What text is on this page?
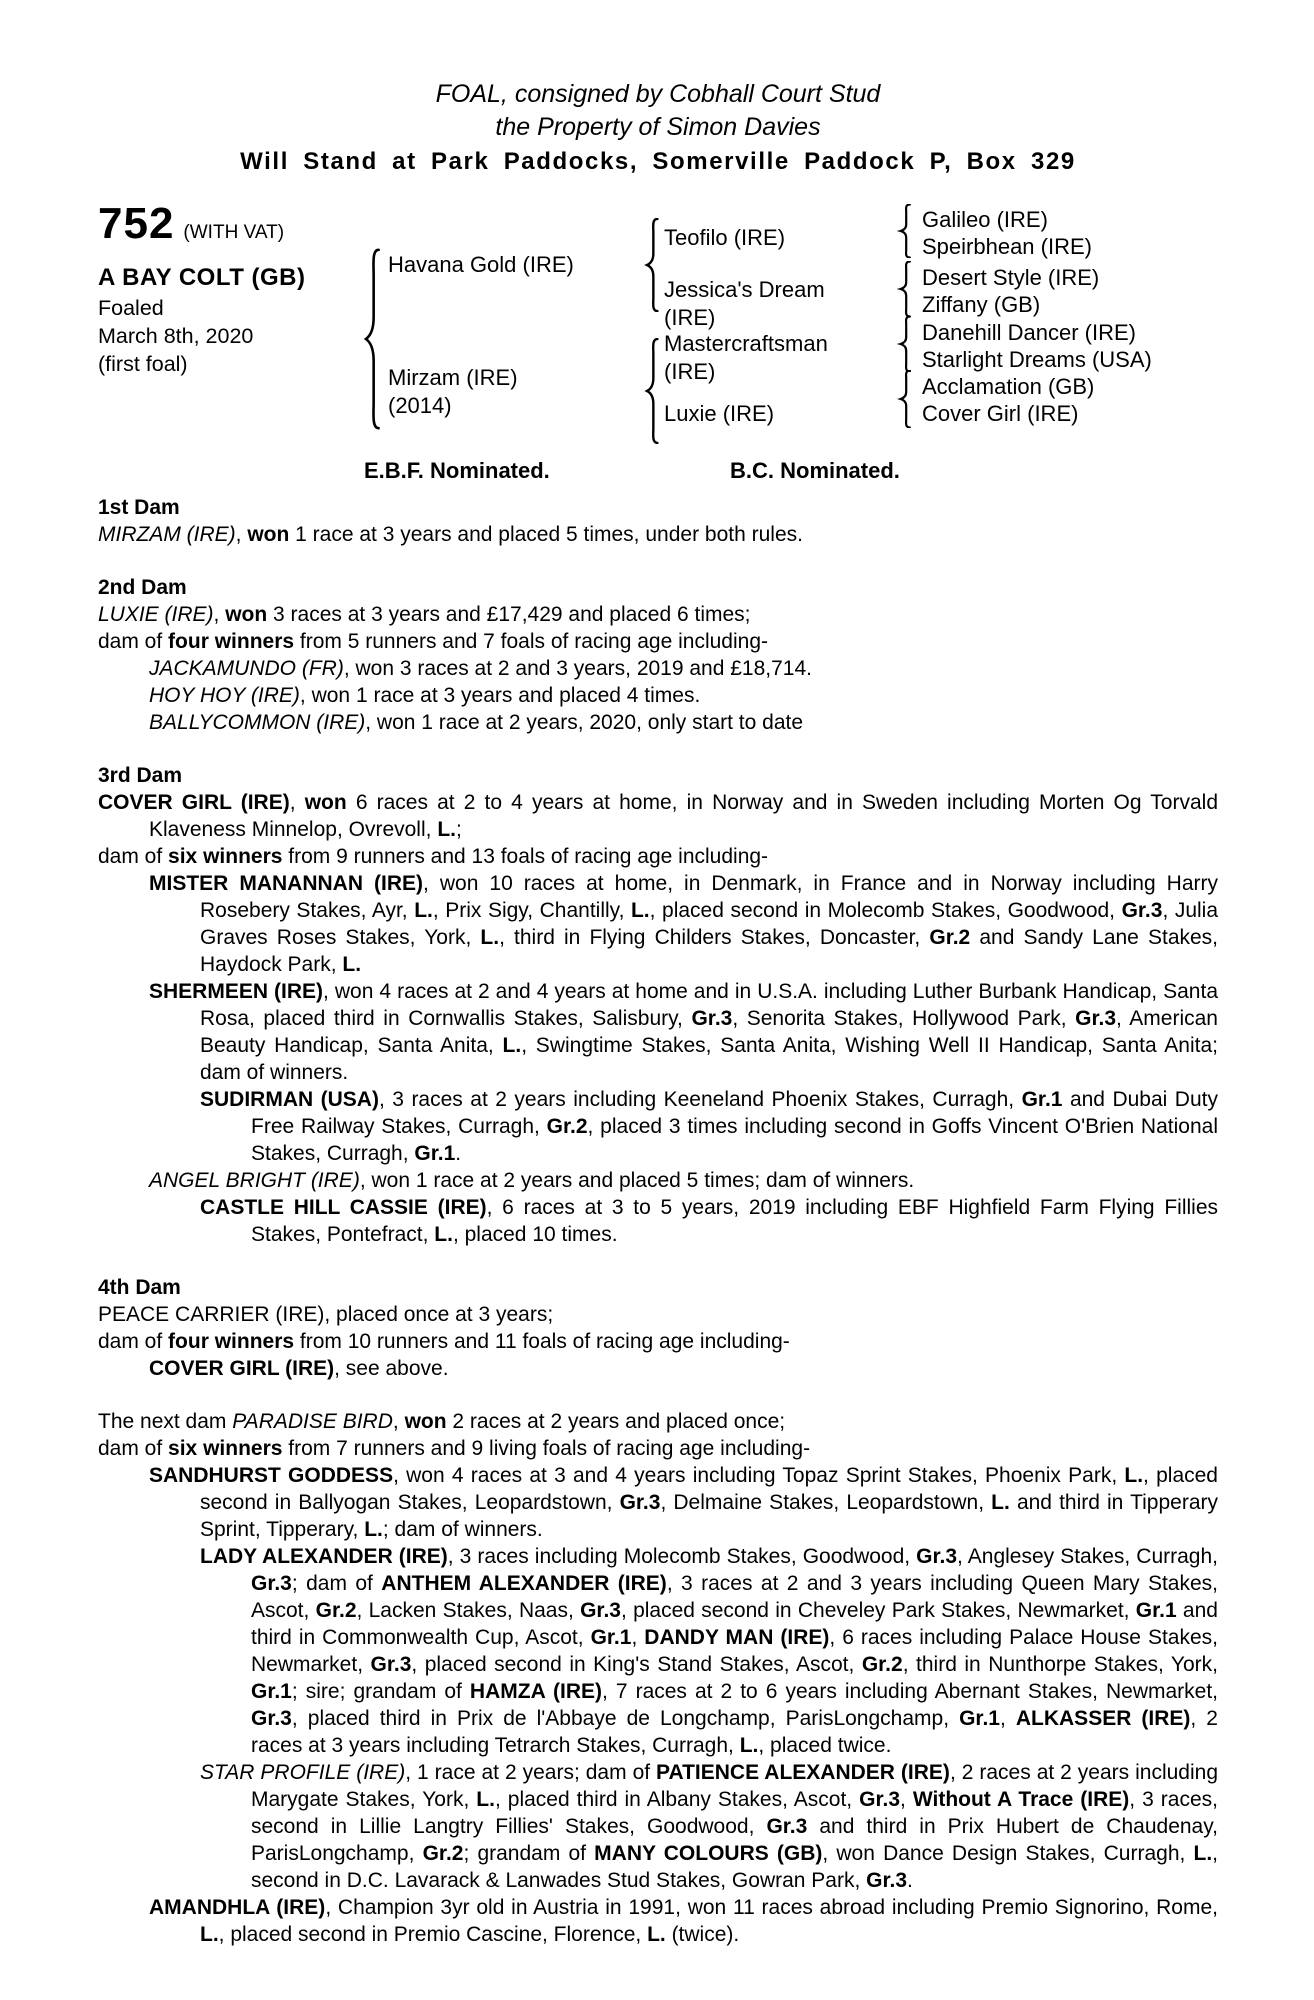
FOAL, consigned by Cobhall Court Stud
the Property of Simon Davies
Will Stand at Park Paddocks, Somerville Paddock P, Box 329
752 (WITH VAT)
A BAY COLT (GB)
Foaled
March 8th, 2020
(first foal)
Havana Gold (IRE)
Mirzam (IRE)
(2014)
Teofilo (IRE)
Jessica's Dream (IRE)
Mastercraftsman (IRE)
Luxie (IRE)
Galileo (IRE)
Speirbhean (IRE)
Desert Style (IRE)
Ziffany (GB)
Danehill Dancer (IRE)
Starlight Dreams (USA)
Acclamation (GB)
Cover Girl (IRE)
E.B.F. Nominated.	B.C. Nominated.
1st Dam

MIRZAM (IRE), won 1 race at 3 years and placed 5 times, under both rules.

2nd Dam

LUXIE (IRE), won 3 races at 3 years and £17,429 and placed 6 times;

dam of four winners from 5 runners and 7 foals of racing age including-

JACKAMUNDO (FR), won 3 races at 2 and 3 years, 2019 and £18,714.

HOY HOY (IRE), won 1 race at 3 years and placed 4 times.

BALLYCOMMON (IRE), won 1 race at 2 years, 2020, only start to date

3rd Dam

COVER GIRL (IRE), won 6 races at 2 to 4 years at home, in Norway and in Sweden including Morten Og Torvald Klaveness Minnelop, Ovrevoll, L.;

dam of six winners from 9 runners and 13 foals of racing age including-

MISTER MANANNAN (IRE), won 10 races at home, in Denmark, in France and in Norway including Harry Rosebery Stakes, Ayr, L., Prix Sigy, Chantilly, L., placed second in Molecomb Stakes, Goodwood, Gr.3, Julia Graves Roses Stakes, York, L., third in Flying Childers Stakes, Doncaster, Gr.2 and Sandy Lane Stakes, Haydock Park, L.

SHERMEEN (IRE), won 4 races at 2 and 4 years at home and in U.S.A. including Luther Burbank Handicap, Santa Rosa, placed third in Cornwallis Stakes, Salisbury, Gr.3, Senorita Stakes, Hollywood Park, Gr.3, American Beauty Handicap, Santa Anita, L., Swingtime Stakes, Santa Anita, Wishing Well II Handicap, Santa Anita; dam of winners.

SUDIRMAN (USA), 3 races at 2 years including Keeneland Phoenix Stakes, Curragh, Gr.1 and Dubai Duty Free Railway Stakes, Curragh, Gr.2, placed 3 times including second in Goffs Vincent O'Brien National Stakes, Curragh, Gr.1.

ANGEL BRIGHT (IRE), won 1 race at 2 years and placed 5 times; dam of winners.

CASTLE HILL CASSIE (IRE), 6 races at 3 to 5 years, 2019 including EBF Highfield Farm Flying Fillies Stakes, Pontefract, L., placed 10 times.

4th Dam

PEACE CARRIER (IRE), placed once at 3 years;

dam of four winners from 10 runners and 11 foals of racing age including-

COVER GIRL (IRE), see above.

The next dam PARADISE BIRD, won 2 races at 2 years and placed once;

dam of six winners from 7 runners and 9 living foals of racing age including-

SANDHURST GODDESS, won 4 races at 3 and 4 years including Topaz Sprint Stakes, Phoenix Park, L., placed second in Ballyogan Stakes, Leopardstown, Gr.3, Delmaine Stakes, Leopardstown, L. and third in Tipperary Sprint, Tipperary, L.; dam of winners.

LADY ALEXANDER (IRE), 3 races including Molecomb Stakes, Goodwood, Gr.3, Anglesey Stakes, Curragh, Gr.3; dam of ANTHEM ALEXANDER (IRE), 3 races at 2 and 3 years including Queen Mary Stakes, Ascot, Gr.2, Lacken Stakes, Naas, Gr.3, placed second in Cheveley Park Stakes, Newmarket, Gr.1 and third in Commonwealth Cup, Ascot, Gr.1, DANDY MAN (IRE), 6 races including Palace House Stakes, Newmarket, Gr.3, placed second in King's Stand Stakes, Ascot, Gr.2, third in Nunthorpe Stakes, York, Gr.1; sire; grandam of HAMZA (IRE), 7 races at 2 to 6 years including Abernant Stakes, Newmarket, Gr.3, placed third in Prix de l'Abbaye de Longchamp, ParisLongchamp, Gr.1, ALKASSER (IRE), 2 races at 3 years including Tetrarch Stakes, Curragh, L., placed twice.

STAR PROFILE (IRE), 1 race at 2 years; dam of PATIENCE ALEXANDER (IRE), 2 races at 2 years including Marygate Stakes, York, L., placed third in Albany Stakes, Ascot, Gr.3, Without A Trace (IRE), 3 races, second in Lillie Langtry Fillies' Stakes, Goodwood, Gr.3 and third in Prix Hubert de Chaudenay, ParisLongchamp, Gr.2; grandam of MANY COLOURS (GB), won Dance Design Stakes, Curragh, L., second in D.C. Lavarack & Lanwades Stud Stakes, Gowran Park, Gr.3.

AMANDHLA (IRE), Champion 3yr old in Austria in 1991, won 11 races abroad including Premio Signorino, Rome, L., placed second in Premio Cascine, Florence, L. (twice).
